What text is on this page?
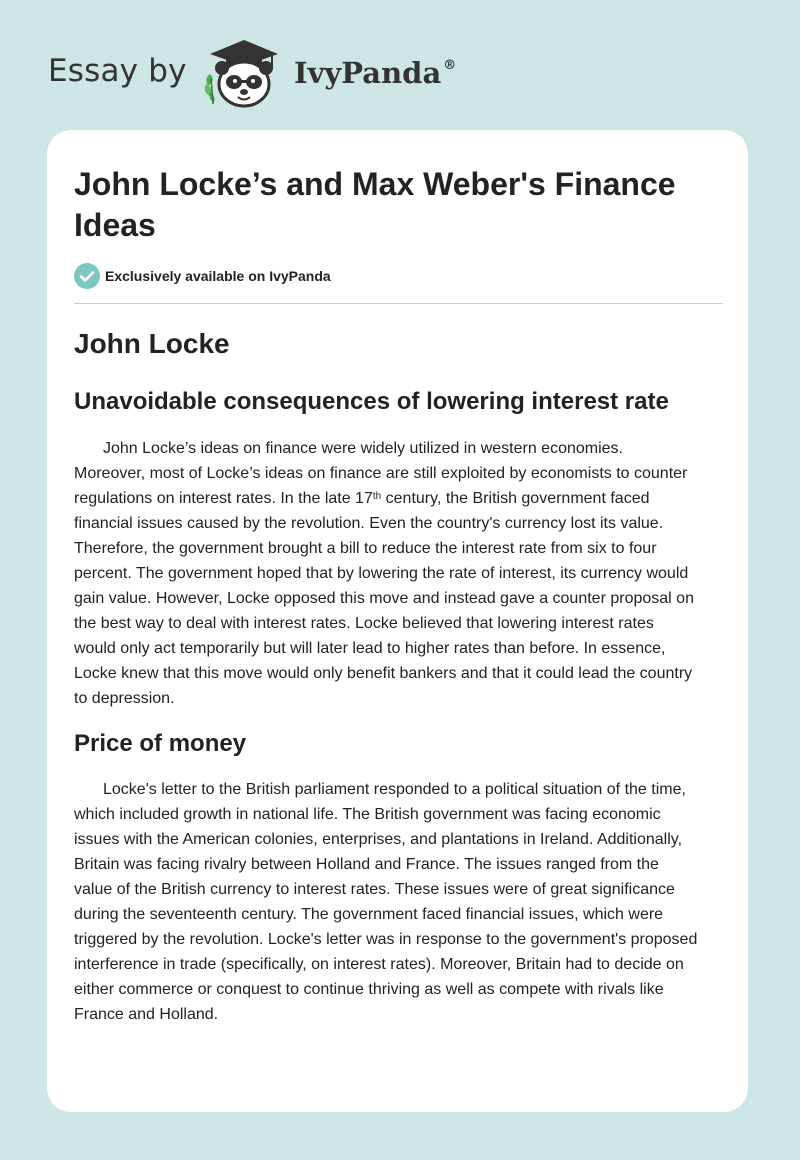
Essay by	IvyPanda ®
John Locke’s and Max Weber's Finance Ideas
Exclusively available on IvyPanda
John Locke
Unavoidable consequences of lowering interest rate
John Locke’s ideas on finance were widely utilized in western economies.
Moreover, most of Locke’s ideas on finance are still exploited by economists to counter
regulations on interest rates. In the late 17th century, the British government faced
financial issues caused by the revolution. Even the country's currency lost its value.
Therefore, the government brought a bill to reduce the interest rate from six to four
percent. The government hoped that by lowering the rate of interest, its currency would
gain value. However, Locke opposed this move and instead gave a counter proposal on
the best way to deal with interest rates. Locke believed that lowering interest rates
would only act temporarily but will later lead to higher rates than before. In essence,
Locke knew that this move would only benefit bankers and that it could lead the country
to depression.
Price of money
Locke's letter to the British parliament responded to a political situation of the time,
which included growth in national life. The British government was facing economic
issues with the American colonies, enterprises, and plantations in Ireland. Additionally,
Britain was facing rivalry between Holland and France. The issues ranged from the
value of the British currency to interest rates. These issues were of great significance
during the seventeenth century. The government faced financial issues, which were
triggered by the revolution. Locke's letter was in response to the government's proposed
interference in trade (specifically, on interest rates). Moreover, Britain had to decide on
either commerce or conquest to continue thriving as well as compete with rivals like
France and Holland.
